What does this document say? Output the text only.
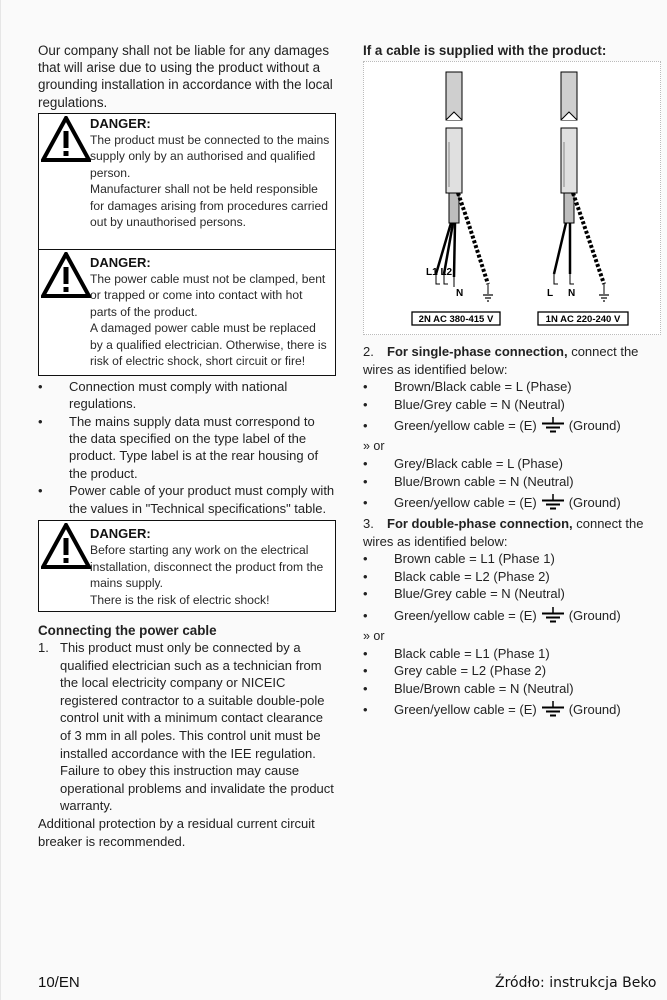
Our company shall not be liable for any damages that will arise due to using the product without a grounding installation in accordance with the local regulations.

DANGER:
The product must be connected to the mains supply only by an authorised and qualified person.
Manufacturer shall not be held responsible for damages arising from procedures carried out by unauthorised persons.
DANGER:
The power cable must not be clamped, bent or trapped or come into contact with hot parts of the product.
A damaged power cable must be replaced by a qualified electrician. Otherwise, there is risk of electric shock, short circuit or fire!
• Connection must comply with national regulations.
• The mains supply data must correspond to the data specified on the type label of the product. Type label is at the rear housing of the product.
• Power cable of your product must comply with the values in "Technical specifications" table.
DANGER:
Before starting any work on the electrical installation, disconnect the product from the mains supply.
There is the risk of electric shock!
Connecting the power cable
1. This product must only be connected by a qualified electrician such as a technician from the local electricity company or NICEIC registered contractor to a suitable double-pole control unit with a minimum contact clearance of 3 mm in all poles. This control unit must be installed accordance with the IEE regulation. Failure to obey this instruction may cause operational problems and invalidate the product warranty.

Additional protection by a residual current circuit breaker is recommended.

If a cable is supplied with the product:
L1 L2
N
2N AC 380-415 V
L N
1N AC 220-240 V
2. For single-phase connection, connect the wires as identified below:
• Brown/Black cable = L (Phase)
• Blue/Grey cable = N (Neutral)
• Green/yellow cable = (E) (Ground)
» or
• Grey/Black cable = L (Phase)
• Blue/Brown cable = N (Neutral)
• Green/yellow cable = (E) (Ground)
3. For double-phase connection, connect the wires as identified below:
• Brown cable = L1 (Phase 1)
• Black cable = L2 (Phase 2)
• Blue/Grey cable = N (Neutral)
• Green/yellow cable = (E) (Ground)
» or
• Black cable = L1 (Phase 1)
• Grey cable = L2 (Phase 2)
• Blue/Brown cable = N (Neutral)
• Green/yellow cable = (E) (Ground)
10/EN	Źródło: instrukcja Beko
